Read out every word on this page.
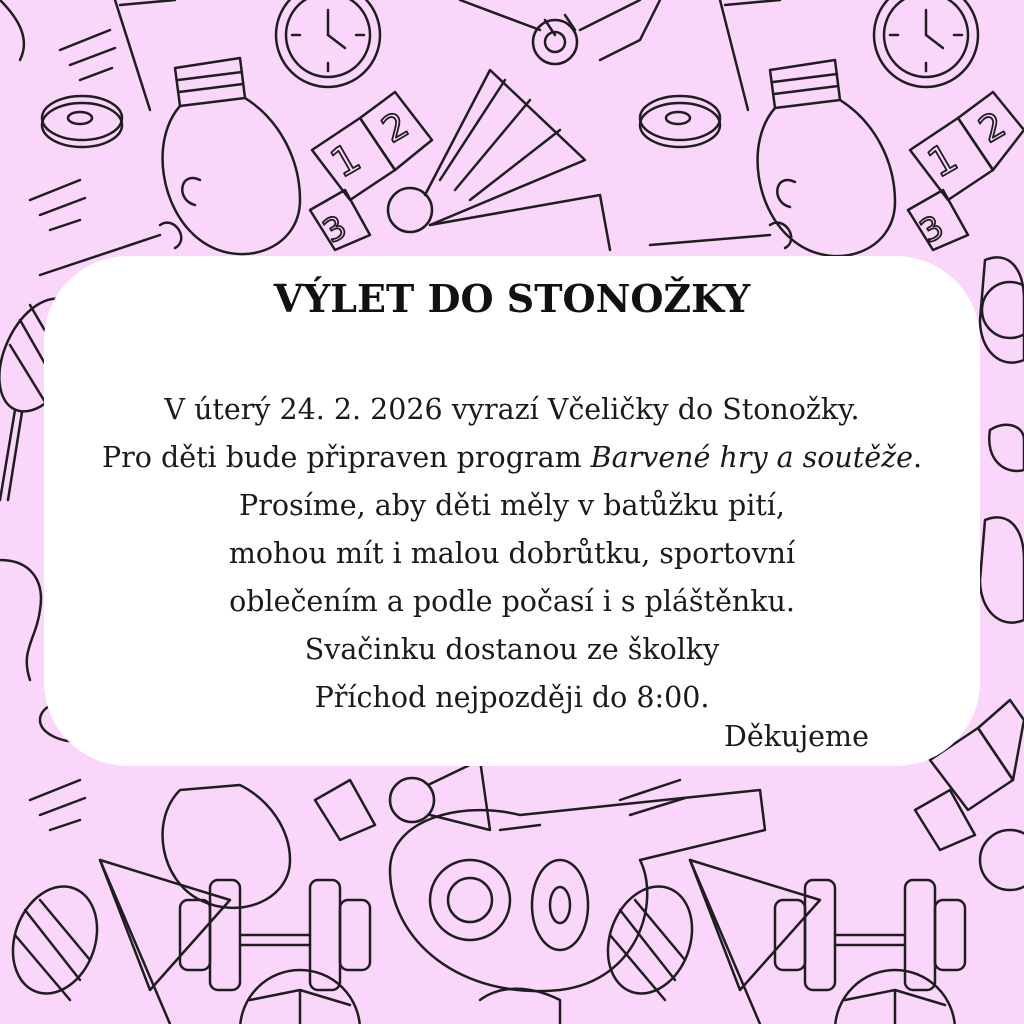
1
2
3
1
2
3
VÝLET DO STONOŽKY
V úterý 24. 2. 2026 vyrazí Včeličky do Stonožky.
Pro děti bude připraven program Barvené hry a soutěže.
Prosíme, aby děti měly v batůžku pití,
mohou mít i malou dobrůtku, sportovní
oblečením a podle počasí i s pláštěnku.
Svačinku dostanou ze školky
Příchod nejpozději do 8:00.
Děkujeme
